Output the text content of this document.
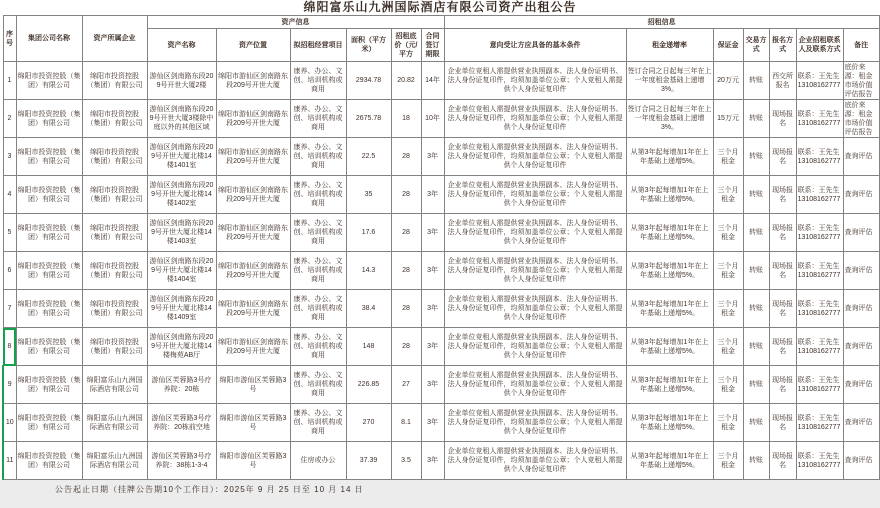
绵阳富乐山九洲国际酒店有限公司资产出租公告
序号	集团公司名称	资产所属企业	资产信息						招租信息						
			资产名称	资产位置	拟招租经营项目	面积（平方米）	招租底价（元/平方	合同签订期限	意向受让方应具备的基本条件	租金递增率	保证金	交易方式	报名方式	企业招租联系人及联系方式	备注
1	绵阳市投资控股（集团）有限公司	绵阳市投资控股（集团）有限公司	游仙区剑南路东段209号开世大厦2楼	绵阳市游仙区剑南路东段209号开世大厦	康养、办公、文创、培训机构或商用	2934.78	20.82	14年	企业单位竞租人需提供营业执照副本、法人身份证明书、法人身份证复印件，均须加盖单位公章；个人竞租人需提供个人身份证复印件	签订合同之日起每三年在上一年度租金基础上递增3%。	20万元	转账	西交所报名	联系：王先生13108162777	底价来源：租金市场价值评估报告
2	绵阳市投资控股（集团）有限公司	绵阳市投资控股（集团）有限公司	游仙区剑南路东段209号开世大厦3楼除中庭以外的其他区域	绵阳市游仙区剑南路东段209号开世大厦	康养、办公、文创、培训机构或商用	2675.78	18	10年	企业单位竞租人需提供营业执照副本、法人身份证明书、法人身份证复印件，均须加盖单位公章；个人竞租人需提供个人身份证复印件	签订合同之日起每三年在上一年度租金基础上递增3%。	15万元	转账	现场报名	联系：王先生13108162777	底价来源：租金市场价值评估报告
3	绵阳市投资控股（集团）有限公司	绵阳市投资控股（集团）有限公司	游仙区剑南路东段209号开世大厦北楼14楼1401室	绵阳市游仙区剑南路东段209号开世大厦	康养、办公、文创、培训机构或商用	22.5	28	3年	企业单位竞租人需提供营业执照副本、法人身份证明书、法人身份证复印件，均须加盖单位公章；个人竞租人需提供个人身份证复印件	从第3年起每增加1年在上年基础上递增5%。	三个月租金	转账	现场报名	联系：王先生13108162777	查询评估
4	绵阳市投资控股（集团）有限公司	绵阳市投资控股（集团）有限公司	游仙区剑南路东段209号开世大厦北楼14楼1402室	绵阳市游仙区剑南路东段209号开世大厦	康养、办公、文创、培训机构或商用	35	28	3年	企业单位竞租人需提供营业执照副本、法人身份证明书、法人身份证复印件，均须加盖单位公章；个人竞租人需提供个人身份证复印件	从第3年起每增加1年在上年基础上递增5%。	三个月租金	转账	现场报名	联系：王先生13108162777	查询评估
5	绵阳市投资控股（集团）有限公司	绵阳市投资控股（集团）有限公司	游仙区剑南路东段209号开世大厦北楼14楼1403室	绵阳市游仙区剑南路东段209号开世大厦	康养、办公、文创、培训机构或商用	17.6	28	3年	企业单位竞租人需提供营业执照副本、法人身份证明书、法人身份证复印件，均须加盖单位公章；个人竞租人需提供个人身份证复印件	从第3年起每增加1年在上年基础上递增5%。	三个月租金	转账	现场报名	联系：王先生13108162777	查询评估
6	绵阳市投资控股（集团）有限公司	绵阳市投资控股（集团）有限公司	游仙区剑南路东段209号开世大厦北楼14楼1404室	绵阳市游仙区剑南路东段209号开世大厦	康养、办公、文创、培训机构或商用	14.3	28	3年	企业单位竞租人需提供营业执照副本、法人身份证明书、法人身份证复印件，均须加盖单位公章；个人竞租人需提供个人身份证复印件	从第3年起每增加1年在上年基础上递增5%。	三个月租金	转账	现场报名	联系：王先生13108162777	查询评估
7	绵阳市投资控股（集团）有限公司	绵阳市投资控股（集团）有限公司	游仙区剑南路东段209号开世大厦北楼14楼1409室	绵阳市游仙区剑南路东段209号开世大厦	康养、办公、文创、培训机构或商用	38.4	28	3年	企业单位竞租人需提供营业执照副本、法人身份证明书、法人身份证复印件，均须加盖单位公章；个人竞租人需提供个人身份证复印件	从第3年起每增加1年在上年基础上递增5%。	三个月租金	转账	现场报名	联系：王先生13108162777	查询评估
8	绵阳市投资控股（集团）有限公司	绵阳市投资控股（集团）有限公司	游仙区剑南路东段209号开世大厦北楼14楼梅苑AB厅	绵阳市游仙区剑南路东段209号开世大厦	康养、办公、文创、培训机构或商用	148	28	3年	企业单位竞租人需提供营业执照副本、法人身份证明书、法人身份证复印件，均须加盖单位公章；个人竞租人需提供个人身份证复印件	从第3年起每增加1年在上年基础上递增5%。	三个月租金	转账	现场报名	联系：王先生13108162777	查询评估
9	绵阳市投资控股（集团）有限公司	绵阳富乐山九洲国际酒店有限公司	游仙区芙蓉路3号疗养院：20栋	绵阳市游仙区芙蓉路3号	康养、办公、文创、培训机构或商用	226.85	27	3年	企业单位竞租人需提供营业执照副本、法人身份证明书、法人身份证复印件，均须加盖单位公章；个人竞租人需提供个人身份证复印件	从第3年起每增加1年在上年基础上递增5%。	三个月租金	转账	现场报名	联系：王先生13108162777	查询评估
10	绵阳市投资控股（集团）有限公司	绵阳富乐山九洲国际酒店有限公司	游仙区芙蓉路3号疗养院：20栋前空地	绵阳市游仙区芙蓉路3号	康养、办公、文创、培训机构或商用	270	8.1	3年	企业单位竞租人需提供营业执照副本、法人身份证明书、法人身份证复印件，均须加盖单位公章；个人竞租人需提供个人身份证复印件	从第3年起每增加1年在上年基础上递增5%。	三个月租金	转账	现场报名	联系：王先生13108162777	查询评估
11	绵阳市投资控股（集团）有限公司	绵阳富乐山九洲国际酒店有限公司	游仙区芙蓉路3号疗养院：38栋1-3-4	绵阳市游仙区芙蓉路3号	住房或办公	37.39	3.5	3年	企业单位竞租人需提供营业执照副本、法人身份证明书、法人身份证复印件，均须加盖单位公章；个人竞租人需提供个人身份证复印件	从第3年起每增加1年在上年基础上递增5%。	三个月租金	转账	现场报名	联系：王先生13108162777	查询评估
公告起止日期（挂牌公告期10个工作日）：2025年 9 月 25 日至 10 月 14 日
